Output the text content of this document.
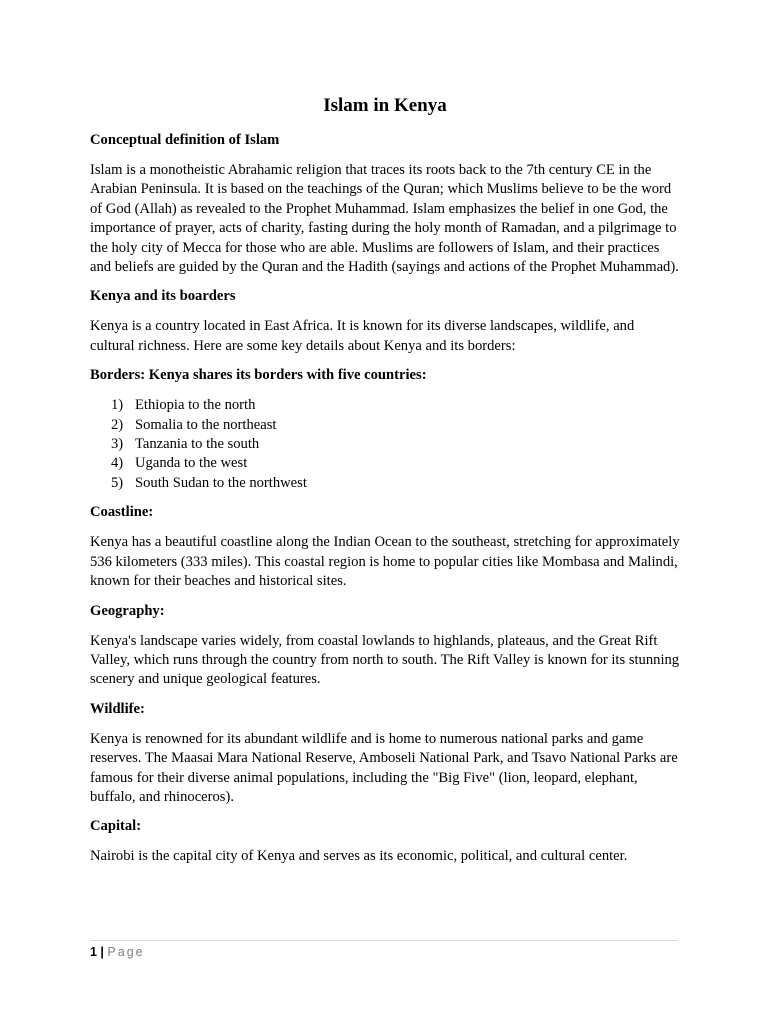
Islam in Kenya
Conceptual definition of Islam
Islam is a monotheistic Abrahamic religion that traces its roots back to the 7th century CE in the Arabian Peninsula. It is based on the teachings of the Quran; which Muslims believe to be the word of God (Allah) as revealed to the Prophet Muhammad. Islam emphasizes the belief in one God, the importance of prayer, acts of charity, fasting during the holy month of Ramadan, and a pilgrimage to the holy city of Mecca for those who are able. Muslims are followers of Islam, and their practices and beliefs are guided by the Quran and the Hadith (sayings and actions of the Prophet Muhammad).
Kenya and its boarders
Kenya is a country located in East Africa. It is known for its diverse landscapes, wildlife, and cultural richness. Here are some key details about Kenya and its borders:
Borders: Kenya shares its borders with five countries:
1) Ethiopia to the north
2) Somalia to the northeast
3) Tanzania to the south
4) Uganda to the west
5) South Sudan to the northwest
Coastline:
Kenya has a beautiful coastline along the Indian Ocean to the southeast, stretching for approximately 536 kilometers (333 miles). This coastal region is home to popular cities like Mombasa and Malindi, known for their beaches and historical sites.
Geography:
Kenya's landscape varies widely, from coastal lowlands to highlands, plateaus, and the Great Rift Valley, which runs through the country from north to south. The Rift Valley is known for its stunning scenery and unique geological features.
Wildlife:
Kenya is renowned for its abundant wildlife and is home to numerous national parks and game reserves. The Maasai Mara National Reserve, Amboseli National Park, and Tsavo National Parks are famous for their diverse animal populations, including the "Big Five" (lion, leopard, elephant, buffalo, and rhinoceros).
Capital:
Nairobi is the capital city of Kenya and serves as its economic, political, and cultural center.
1 | Page
